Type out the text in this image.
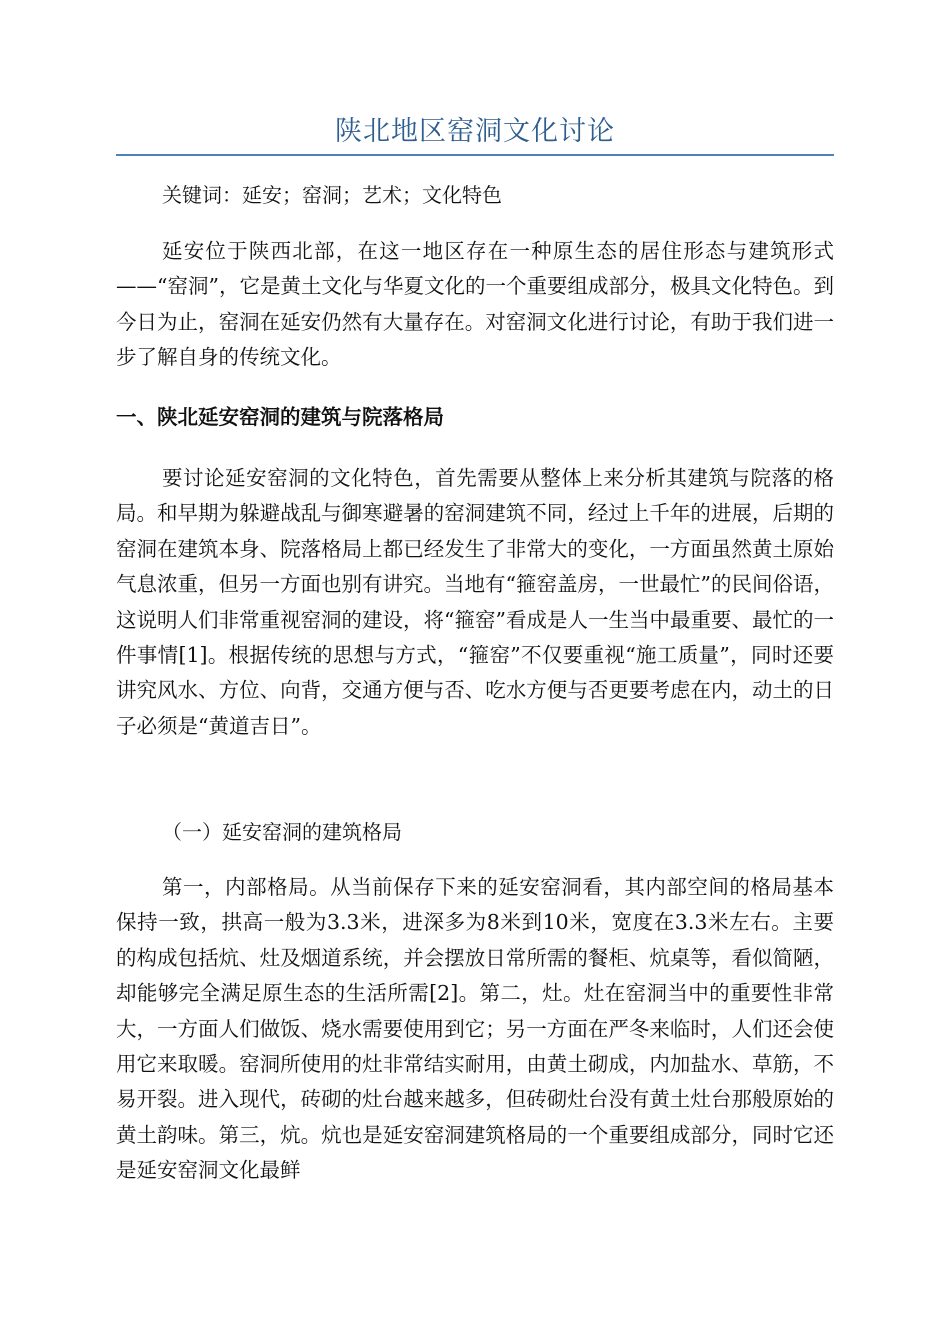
陕北地区窑洞文化讨论
关键词：延安；窑洞；艺术；文化特色

延安位于陕西北部，在这一地区存在一种原生态的居住形态与建筑形式——“窑洞”，它是黄土文化与华夏文化的一个重要组成部分，极具文化特色。到今日为止，窑洞在延安仍然有大量存在。对窑洞文化进行讨论，有助于我们进一步了解自身的传统文化。

一、陕北延安窑洞的建筑与院落格局

要讨论延安窑洞的文化特色，首先需要从整体上来分析其建筑与院落的格局。和早期为躲避战乱与御寒避暑的窑洞建筑不同，经过上千年的进展，后期的窑洞在建筑本身、院落格局上都已经发生了非常大的变化，一方面虽然黄土原始气息浓重，但另一方面也别有讲究。当地有“箍窑盖房，一世最忙”的民间俗语，这说明人们非常重视窑洞的建设，将“箍窑”看成是人一生当中最重要、最忙的一件事情[1]。根据传统的思想与方式，“箍窑”不仅要重视“施工质量”，同时还要讲究风水、方位、向背，交通方便与否、吃水方便与否更要考虑在内，动土的日子必须是“黄道吉日”。

（一）延安窑洞的建筑格局

第一，内部格局。从当前保存下来的延安窑洞看，其内部空间的格局基本保持一致，拱高一般为3.3米，进深多为8米到10米，宽度在3.3米左右。主要的构成包括炕、灶及烟道系统，并会摆放日常所需的餐柜、炕桌等，看似简陋，却能够完全满足原生态的生活所需[2]。第二，灶。灶在窑洞当中的重要性非常大，一方面人们做饭、烧水需要使用到它；另一方面在严冬来临时，人们还会使用它来取暖。窑洞所使用的灶非常结实耐用，由黄土砌成，内加盐水、草筋，不易开裂。进入现代，砖砌的灶台越来越多，但砖砌灶台没有黄土灶台那般原始的黄土韵味。第三，炕。炕也是延安窑洞建筑格局的一个重要组成部分，同时它还是延安窑洞文化最鲜
